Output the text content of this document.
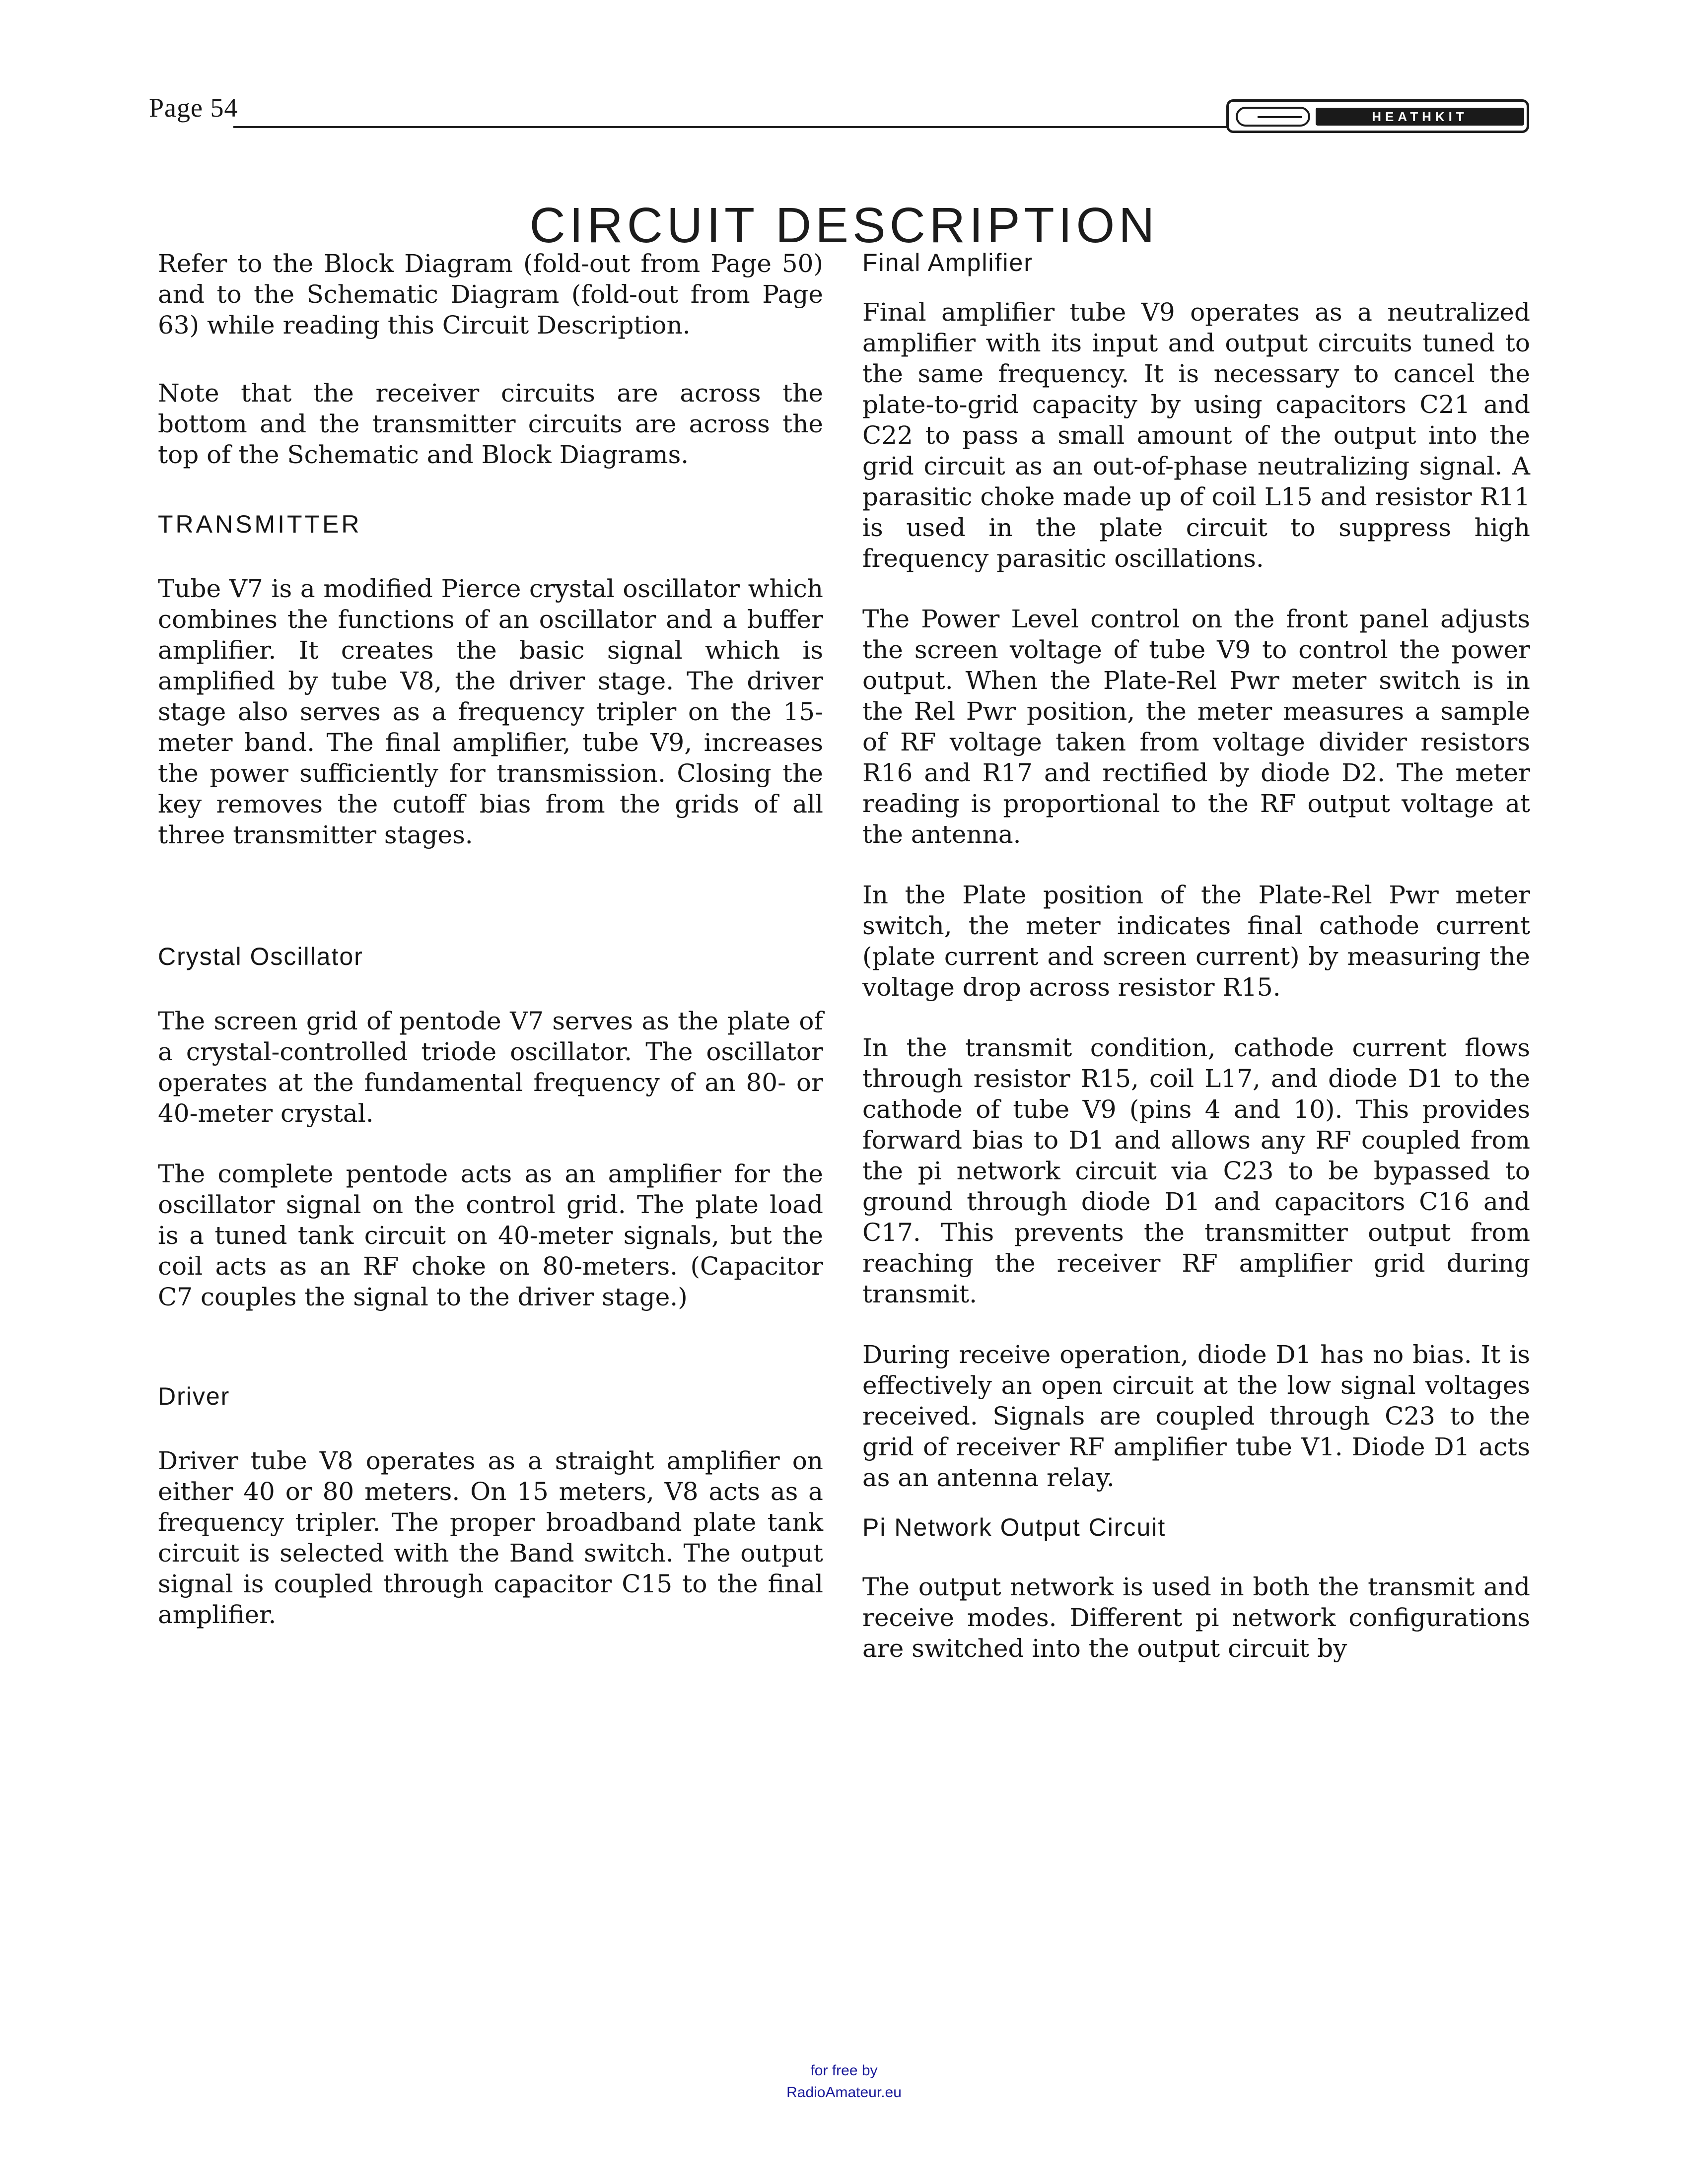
Page 54	HEATHKIT
CIRCUIT DESCRIPTION

Refer to the Block Diagram (fold-out from Page 50) and to the Schematic Diagram (fold-out from Page 63) while reading this Circuit Description.

Note that the receiver circuits are across the bottom and the transmitter circuits are across the top of the Schematic and Block Diagrams.

TRANSMITTER

Tube V7 is a modified Pierce crystal oscillator which combines the functions of an oscillator and a buffer amplifier. It creates the basic signal which is amplified by tube V8, the driver stage. The driver stage also serves as a frequency tripler on the 15-meter band. The final amplifier, tube V9, increases the power sufficiently for transmission. Closing the key removes the cutoff bias from the grids of all three transmitter stages.

Crystal Oscillator

The screen grid of pentode V7 serves as the plate of a crystal-controlled triode oscillator. The oscillator operates at the fundamental frequency of an 80- or 40-meter crystal.

The complete pentode acts as an amplifier for the oscillator signal on the control grid. The plate load is a tuned tank circuit on 40-meter signals, but the coil acts as an RF choke on 80-meters. (Capacitor C7 couples the signal to the driver stage.)

Driver

Driver tube V8 operates as a straight amplifier on either 40 or 80 meters. On 15 meters, V8 acts as a frequency tripler. The proper broadband plate tank circuit is selected with the Band switch. The output signal is coupled through capacitor C15 to the final amplifier.

Final Amplifier

Final amplifier tube V9 operates as a neutralized amplifier with its input and output circuits tuned to the same frequency. It is necessary to cancel the plate-to-grid capacity by using capacitors C21 and C22 to pass a small amount of the output into the grid circuit as an out-of-phase neutralizing signal. A parasitic choke made up of coil L15 and resistor R11 is used in the plate circuit to suppress high frequency parasitic oscillations.

The Power Level control on the front panel adjusts the screen voltage of tube V9 to control the power output. When the Plate-Rel Pwr meter switch is in the Rel Pwr position, the meter measures a sample of RF voltage taken from voltage divider resistors R16 and R17 and rectified by diode D2. The meter reading is proportional to the RF output voltage at the antenna.

In the Plate position of the Plate-Rel Pwr meter switch, the meter indicates final cathode current (plate current and screen current) by measuring the voltage drop across resistor R15.

In the transmit condition, cathode current flows through resistor R15, coil L17, and diode D1 to the cathode of tube V9 (pins 4 and 10). This provides forward bias to D1 and allows any RF coupled from the pi network circuit via C23 to be bypassed to ground through diode D1 and capacitors C16 and C17. This prevents the transmitter output from reaching the receiver RF amplifier grid during transmit.

During receive operation, diode D1 has no bias. It is effectively an open circuit at the low signal voltages received. Signals are coupled through C23 to the grid of receiver RF amplifier tube V1. Diode D1 acts as an antenna relay.

Pi Network Output Circuit

The output network is used in both the transmit and receive modes. Different pi network configurations are switched into the output circuit by

for free by
RadioAmateur.eu
